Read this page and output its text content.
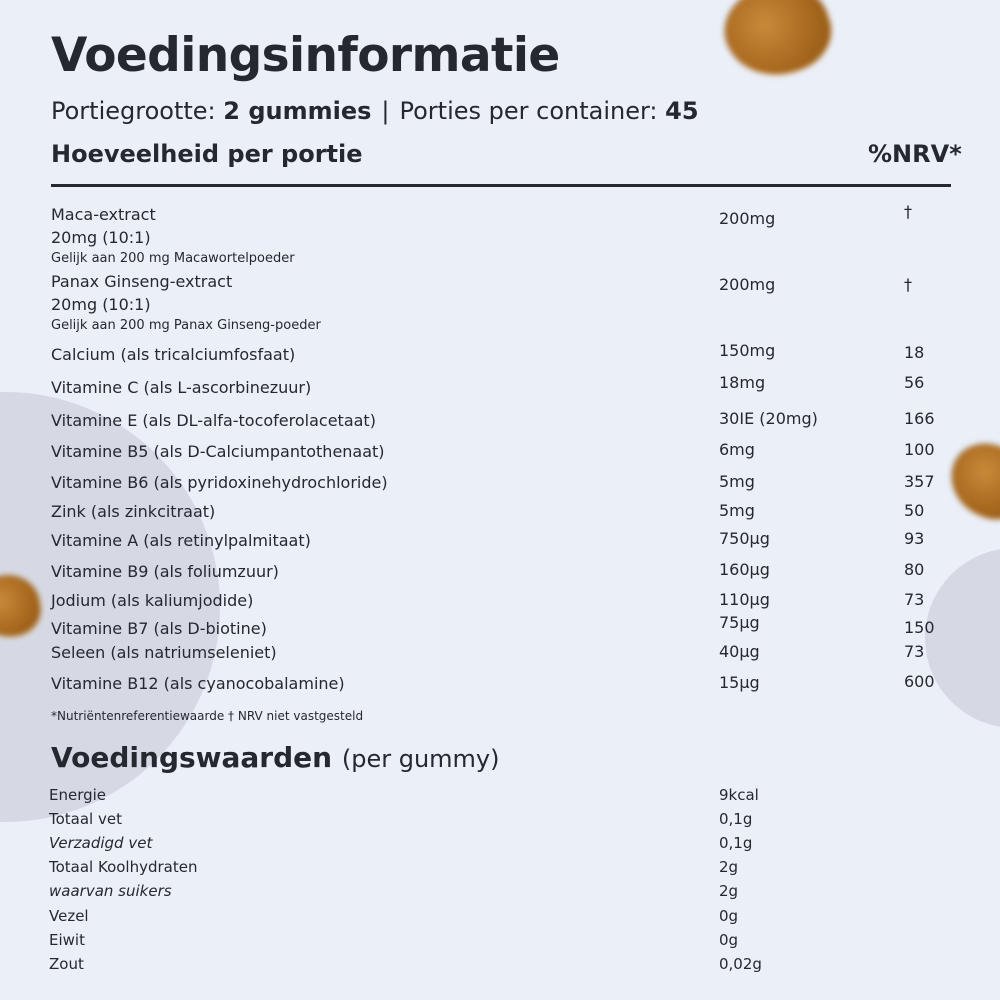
Voedingsinformatie
Portiegrootte: 2 gummies | Porties per container: 45
Hoeveelheid per portie	%NRV*
Maca-extract
20mg (10:1)
Gelijk aan 200 mg Macawortelpoeder
200mg	†
Panax Ginseng-extract
20mg (10:1)
Gelijk aan 200 mg Panax Ginseng-poeder
200mg	†
Calcium (als tricalciumfosfaat)	150mg	18
Vitamine C (als L-ascorbinezuur)	18mg	56
Vitamine E (als DL-alfa-tocoferolacetaat)	30IE (20mg)	166
Vitamine B5 (als D-Calciumpantothenaat)	6mg	100
Vitamine B6 (als pyridoxinehydrochloride)	5mg	357
Zink (als zinkcitraat)	5mg	50
Vitamine A (als retinylpalmitaat)	750µg	93
Vitamine B9 (als foliumzuur)	160µg	80
Jodium (als kaliumjodide)	110µg	73
Vitamine B7 (als D-biotine)	75µg	150
Seleen (als natriumseleniet)	40µg	73
Vitamine B12 (als cyanocobalamine)	15µg	600
*Nutriëntenreferentiewaarde † NRV niet vastgesteld
Voedingswaarden (per gummy)
Energie	9kcal
Totaal vet	0,1g
Verzadigd vet	0,1g
Totaal Koolhydraten	2g
waarvan suikers	2g
Vezel	0g
Eiwit	0g
Zout	0,02g
